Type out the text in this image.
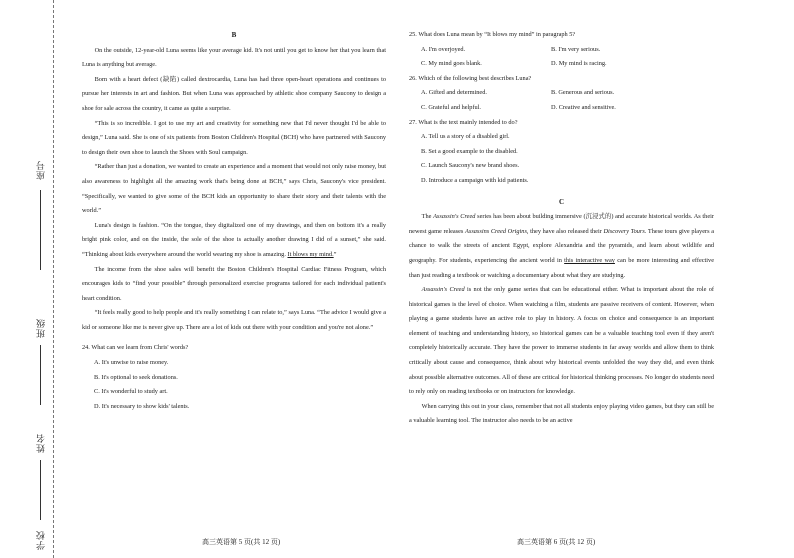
座号
班级
姓名
学校
B

On the outside, 12-year-old Luna seems like your average kid. It's not until you get to know her that you learn that Luna is anything but average.

Born with a heart defect (缺陷) called dextrocardia, Luna has had three open-heart operations and continues to pursue her interests in art and fashion. But when Luna was approached by athletic shoe company Saucony to design a shoe for sale across the country, it came as quite a surprise.

“This is so incredible. I got to use my art and creativity for something new that I'd never thought I'd be able to design,” Luna said. She is one of six patients from Boston Children's Hospital (BCH) who have partnered with Saucony to design their own shoe to launch the Shoes with Soul campaign.

“Rather than just a donation, we wanted to create an experience and a moment that would not only raise money, but also awareness to highlight all the amazing work that's being done at BCH,” says Chris, Saucony's vice president. “Specifically, we wanted to give some of the BCH kids an opportunity to share their story and their talents with the world.”

Luna's design is fashion. “On the tongue, they digitalized one of my drawings, and then on bottom it's a really bright pink color, and on the inside, the sole of the shoe is actually another drawing I did of a sunset,” she said. “Thinking about kids everywhere around the world wearing my shoe is amazing. It blows my mind.”

The income from the shoe sales will benefit the Boston Children's Hospital Cardiac Fitness Program, which encourages kids to “find your possible” through personalized exercise programs tailored for each individual patient's heart condition.

“It feels really good to help people and it's really something I can relate to,” says Luna. “The advice I would give a kid or someone like me is never give up. There are a lot of kids out there with your condition and you're not alone.”

24. What can we learn from Chris' words?

A. It's unwise to raise money.
B. It's optional to seek donations.
C. It's wonderful to study art.
D. It's necessary to show kids' talents.

25. What does Luna mean by “It blows my mind” in paragraph 5?

A. I'm overjoyed.	B. I'm very serious.
C. My mind goes blank.	D. My mind is racing.

26. Which of the following best describes Luna?

A. Gifted and determined.	B. Generous and serious.
C. Grateful and helpful.	D. Creative and sensitive.

27. What is the text mainly intended to do?

A. Tell us a story of a disabled girl.
B. Set a good example to the disabled.
C. Launch Saucony's new brand shoes.
D. Introduce a campaign with kid patients.
C

The Assassin's Creed series has been about building immersive (沉浸式的) and accurate historical worlds. As their newest game releases Assassins Creed Origins, they have also released their Discovery Tours. These tours give players a chance to walk the streets of ancient Egypt, explore Alexandria and the pyramids, and learn about wildlife and geography. For students, experiencing the ancient world in this interactive way can be more interesting and effective than just reading a textbook or watching a documentary about what they are studying.

Assassin's Creed is not the only game series that can be educational either. What is important about the role of historical games is the level of choice. When watching a film, students are passive receivers of content. However, when playing a game students have an active role to play in history. A focus on choice and consequence is an important element of teaching and understanding history, so historical games can be a valuable teaching tool even if they aren't completely historically accurate. They have the power to immerse students in far away worlds and allow them to think critically about cause and consequence, think about why historical events unfolded the way they did, and even think about possible alternative outcomes. All of these are critical for historical thinking processes. No longer do students need to rely only on reading textbooks or on instructors for knowledge.

When carrying this out in your class, remember that not all students enjoy playing video games, but they can still be a valuable learning tool. The instructor also needs to be an active

高三英语第 5 页(共 12 页)	高三英语第 6 页(共 12 页)
